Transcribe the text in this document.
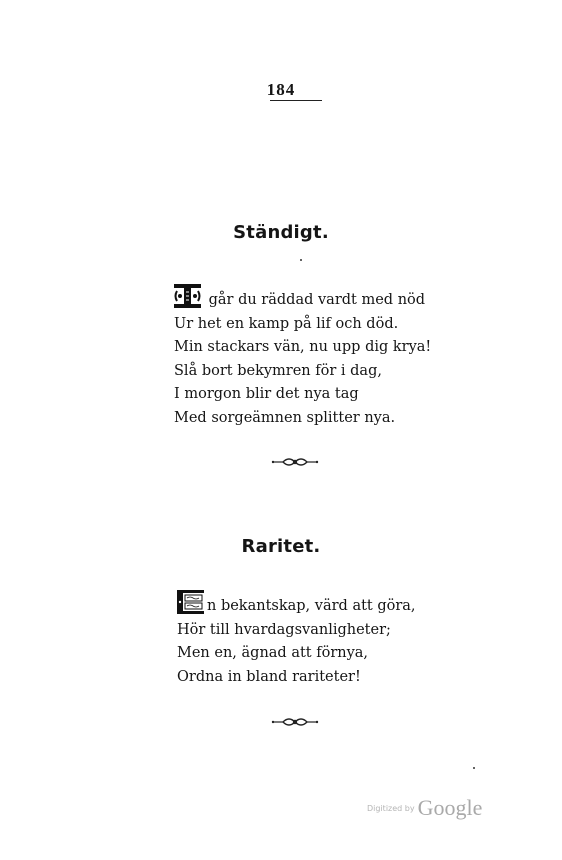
184
Ständigt.
går du räddad vardt med nöd
Ur het en kamp på lif och död.
Min stackars vän, nu upp dig krya!
Slå bort bekymren för i dag,
I morgon blir det nya tag
Med sorgeämnen splitter nya.
Raritet.
n bekantskap, värd att göra,
Hör till hvardagsvanligheter;
Men en, ägnad att förnya,
Ordna in bland rariteter!
$^{Digitized by}$ Google
